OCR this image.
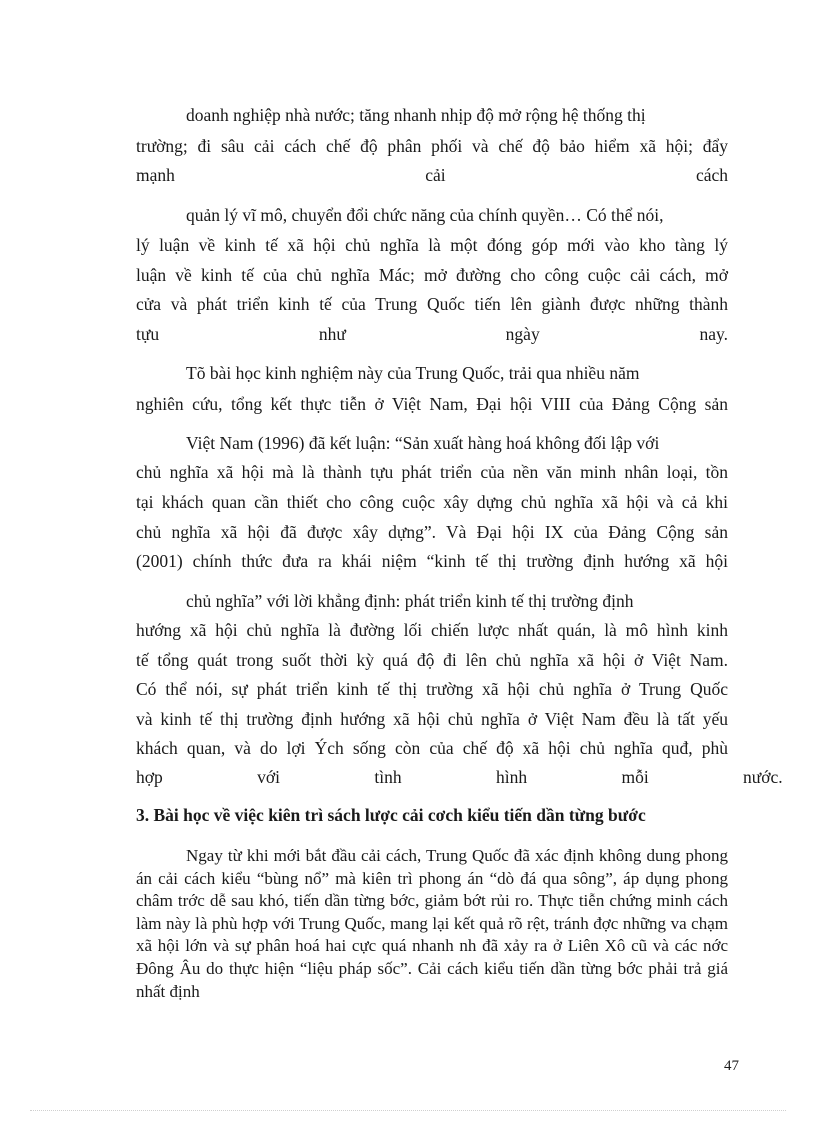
doanh nghiệp nhà nước; tăng nhanh nhịp độ mở rộng hệ thống thị
trường; đi sâu cải cách chế độ phân phối và chế độ bảo hiểm xã hội; đẩy
mạnh cải cách
quản lý vĩ mô, chuyển đổi chức năng của chính quyền… Có thể nói,
lý luận về kinh tế xã hội chủ nghĩa là một đóng góp mới vào kho tàng lý
luận về kinh tế của chủ nghĩa Mác; mở đường cho công cuộc cải cách, mở
cửa và phát triển kinh tế của Trung Quốc tiến lên giành được những thành
tựu như ngày nay.
Tõ bài học kinh nghiệm này của Trung Quốc, trải qua nhiều năm
nghiên cứu, tổng kết thực tiễn ở Việt Nam, Đại hội VIII của Đảng Cộng sản
Việt Nam (1996) đã kết luận: “Sản xuất hàng hoá không đối lập với
chủ nghĩa xã hội mà là thành tựu phát triển của nền văn minh nhân loại, tồn
tại khách quan cần thiết cho công cuộc xây dựng chủ nghĩa xã hội và cả khi
chủ nghĩa xã hội đã được xây dựng”. Và Đại hội IX của Đảng Cộng sản
(2001) chính thức đưa ra khái niệm “kinh tế thị trường định hướng xã hội
chủ nghĩa” với lời khẳng định: phát triển kinh tế thị trường định
hướng xã hội chủ nghĩa là đường lối chiến lược nhất quán, là mô hình kinh
tế tổng quát trong suốt thời kỳ quá độ đi lên chủ nghĩa xã hội ở Việt Nam.
Có thể nói, sự phát triển kinh tế thị trường xã hội chủ nghĩa ở Trung Quốc
và kinh tế thị trường định hướng xã hội chủ nghĩa ở Việt Nam đều là tất yếu
khách quan, và do lợi Ých sống còn của chế độ xã hội chủ nghĩa quđ, phù
hợp với tình hình mỗi nước.
3. Bài học về việc kiên trì sách lược cải cơch kiểu tiến dần từng bước
Ngay từ khi mới bắt đầu cải cách, Trung Quốc đã xác định không dung phong án cải cách kiểu “bùng nổ” mà kiên trì phong án “dò đá qua sông”, áp dụng phong châm trớc dễ sau khó, tiến dần từng bớc, giảm bớt rủi ro. Thực tiễn chứng minh cách làm này là phù hợp với Trung Quốc, mang lại kết quả rõ rệt, tránh đợc những va chạm xã hội lớn và sự phân hoá hai cực quá nhanh nh đã xảy ra ở Liên Xô cũ và các nớc Đông Âu do thực hiện “liệu pháp sốc”. Cải cách kiểu tiến dần từng bớc phải trả giá nhất định
47
